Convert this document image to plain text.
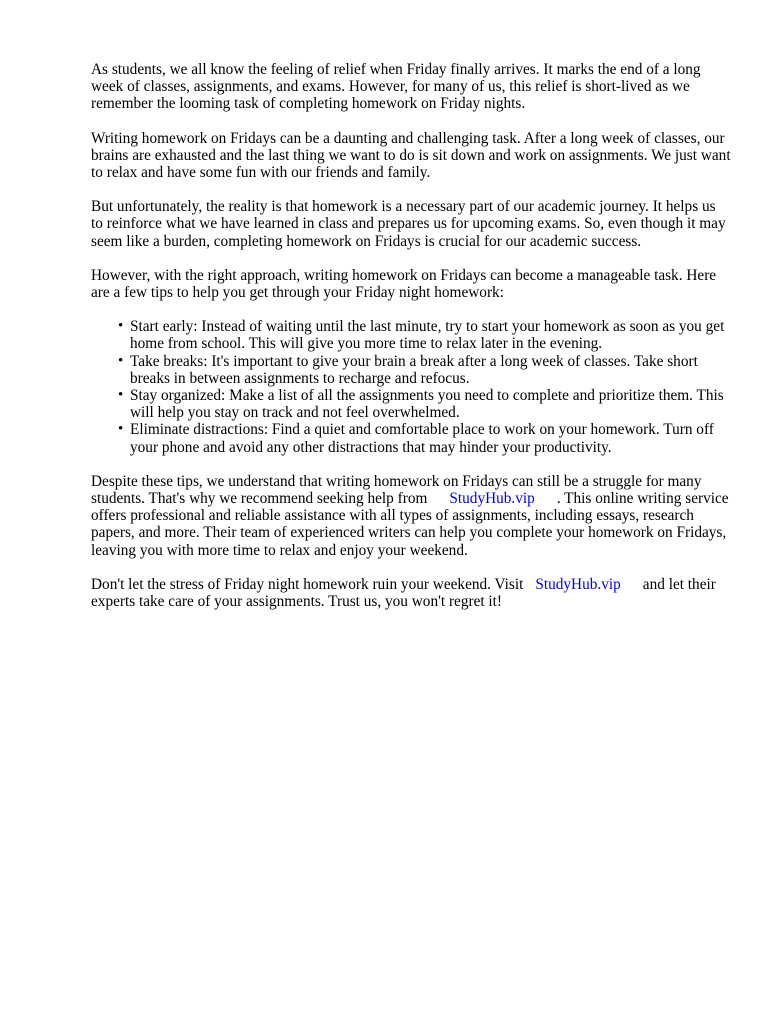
As students, we all know the feeling of relief when Friday finally arrives. It marks the end of a long week of classes, assignments, and exams. However, for many of us, this relief is short-lived as we remember the looming task of completing homework on Friday nights.

Writing homework on Fridays can be a daunting and challenging task. After a long week of classes, our brains are exhausted and the last thing we want to do is sit down and work on assignments. We just want to relax and have some fun with our friends and family.

But unfortunately, the reality is that homework is a necessary part of our academic journey. It helps us to reinforce what we have learned in class and prepares us for upcoming exams. So, even though it may seem like a burden, completing homework on Fridays is crucial for our academic success.

However, with the right approach, writing homework on Fridays can become a manageable task. Here are a few tips to help you get through your Friday night homework:

• Start early: Instead of waiting until the last minute, try to start your homework as soon as you get home from school. This will give you more time to relax later in the evening.
• Take breaks: It's important to give your brain a break after a long week of classes. Take short breaks in between assignments to recharge and refocus.
• Stay organized: Make a list of all the assignments you need to complete and prioritize them. This will help you stay on track and not feel overwhelmed.
• Eliminate distractions: Find a quiet and comfortable place to work on your homework. Turn off your phone and avoid any other distractions that may hinder your productivity.

Despite these tips, we understand that writing homework on Fridays can still be a struggle for many students. That's why we recommend seeking help from StudyHub.vip . This online writing service offers professional and reliable assistance with all types of assignments, including essays, research papers, and more. Their team of experienced writers can help you complete your homework on Fridays, leaving you with more time to relax and enjoy your weekend.

Don't let the stress of Friday night homework ruin your weekend. Visit StudyHub.vip and let their experts take care of your assignments. Trust us, you won't regret it!
